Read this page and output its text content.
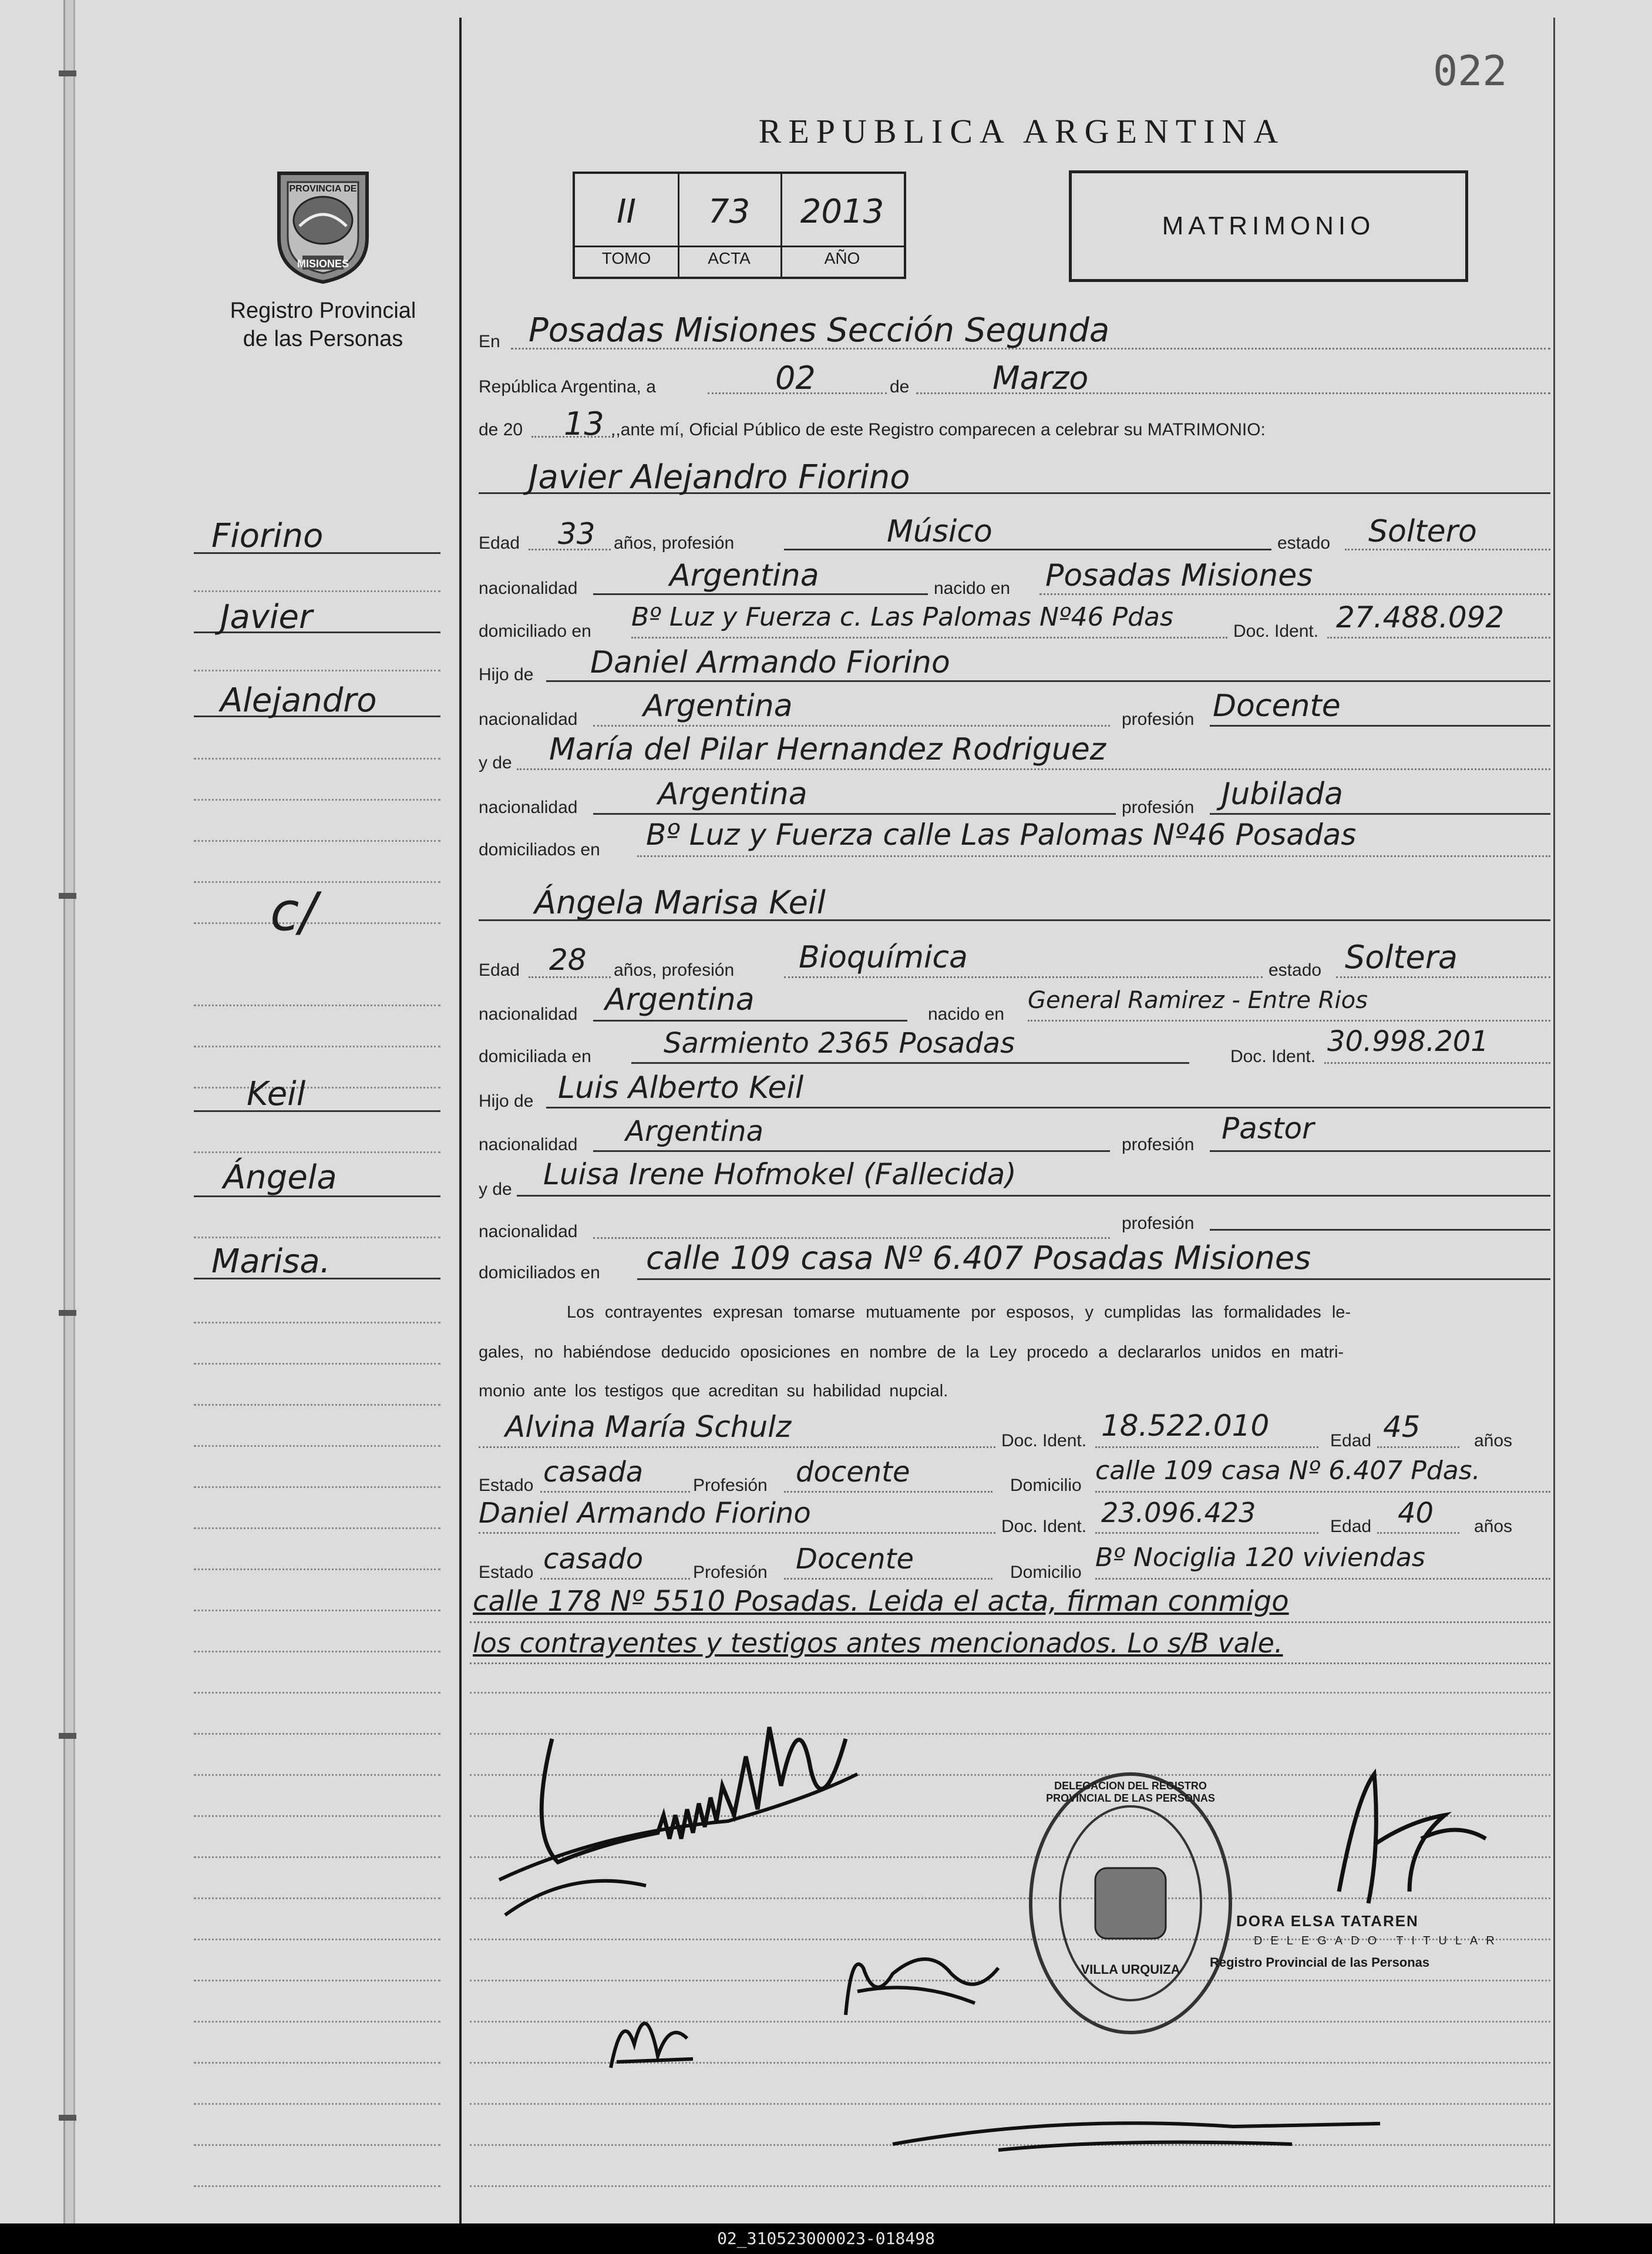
022
REPUBLICA ARGENTINA
II	73	2013
TOMO	ACTA	AÑO
MATRIMONIO
PROVINCIA DE
MISIONES
Registro Provincial
de las Personas
Fiorino
Javier
Alejandro
c/
Keil
Ángela
Marisa.
En Posadas Misiones Sección Segunda
República Argentina, a	02	de	Marzo
de 20 13 ,,ante mí, Oficial Público de este Registro comparecen a celebrar su MATRIMONIO:
Javier Alejandro Fiorino
Edad 33 años, profesión	Músico	estado Soltero
nacionalidad	Argentina	nacido en Posadas Misiones
domiciliado en Bº Luz y Fuerza c. Las Palomas Nº46 Pdas	Doc. Ident. 27.488.092
Hijo de Daniel Armando Fiorino
nacionalidad Argentina	profesión Docente
y de María del Pilar Hernandez Rodriguez
nacionalidad	Argentina	profesión Jubilada
domiciliados en Bº Luz y Fuerza calle Las Palomas Nº46 Posadas
Ángela Marisa Keil
Edad 28 años, profesión Bioquímica	estado Soltera
nacionalidad Argentina	nacido en
General Ramirez - Entre Rios
domiciliada en	Sarmiento 2365 Posadas	Doc. Ident. 30.998.201
Hijo de Luis Alberto Keil
nacionalidad Argentina	profesión Pastor
y de Luisa Irene Hofmokel (Fallecida)
nacionalidad	profesión
domiciliados en calle 109 casa Nº 6.407 Posadas Misiones
Los contrayentes expresan tomarse mutuamente por esposos, y cumplidas las formalidades le-
gales, no habiéndose deducido oposiciones en nombre de la Ley procedo a declararlos unidos en matri-
monio ante los testigos que acreditan su habilidad nupcial.
Alvina María Schulz	Doc. Ident. 18.522.010	Edad 45	años
Estado casada	Profesión docente	Domicilio calle 109 casa Nº 6.407 Pdas.
Daniel Armando Fiorino	Doc. Ident. 23.096.423	Edad 40 años
Estado casado	Profesión Docente	Domicilio Bº Nociglia 120 viviendas
calle 178 Nº 5510 Posadas. Leida el acta, firman conmigo
los contrayentes y testigos antes mencionados. Lo s/B vale.
DELEGACION DEL REGISTRO PROVINCIAL DE LAS PERSONAS
VILLA URQUIZA
DORA ELSA TATAREN
DELEGADO TITULAR
Registro Provincial de las Personas
02_310523000023-018498
